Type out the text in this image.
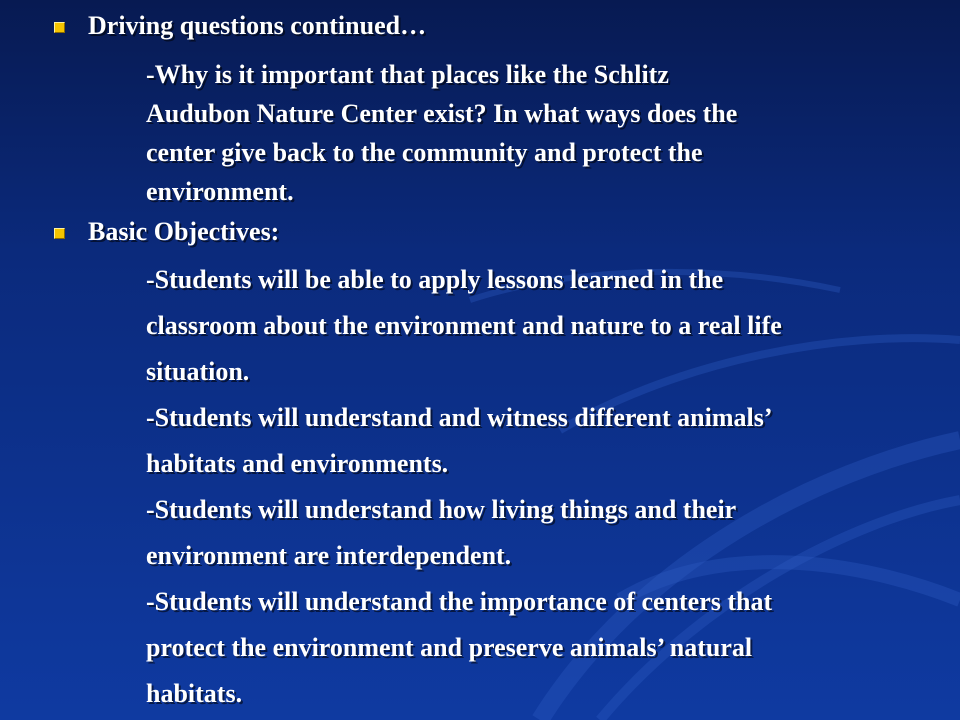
Driving questions continued…
-Why is it important that places like the Schlitz
Audubon Nature Center exist? In what ways does the
center give back to the community and protect the
environment.
Basic Objectives:
-Students will be able to apply lessons learned in the
classroom about the environment and nature to a real life
situation.
-Students will understand and witness different animals’
habitats and environments.
-Students will understand how living things and their
environment are interdependent.
-Students will understand the importance of centers that
protect the environment and preserve animals’ natural
habitats.
